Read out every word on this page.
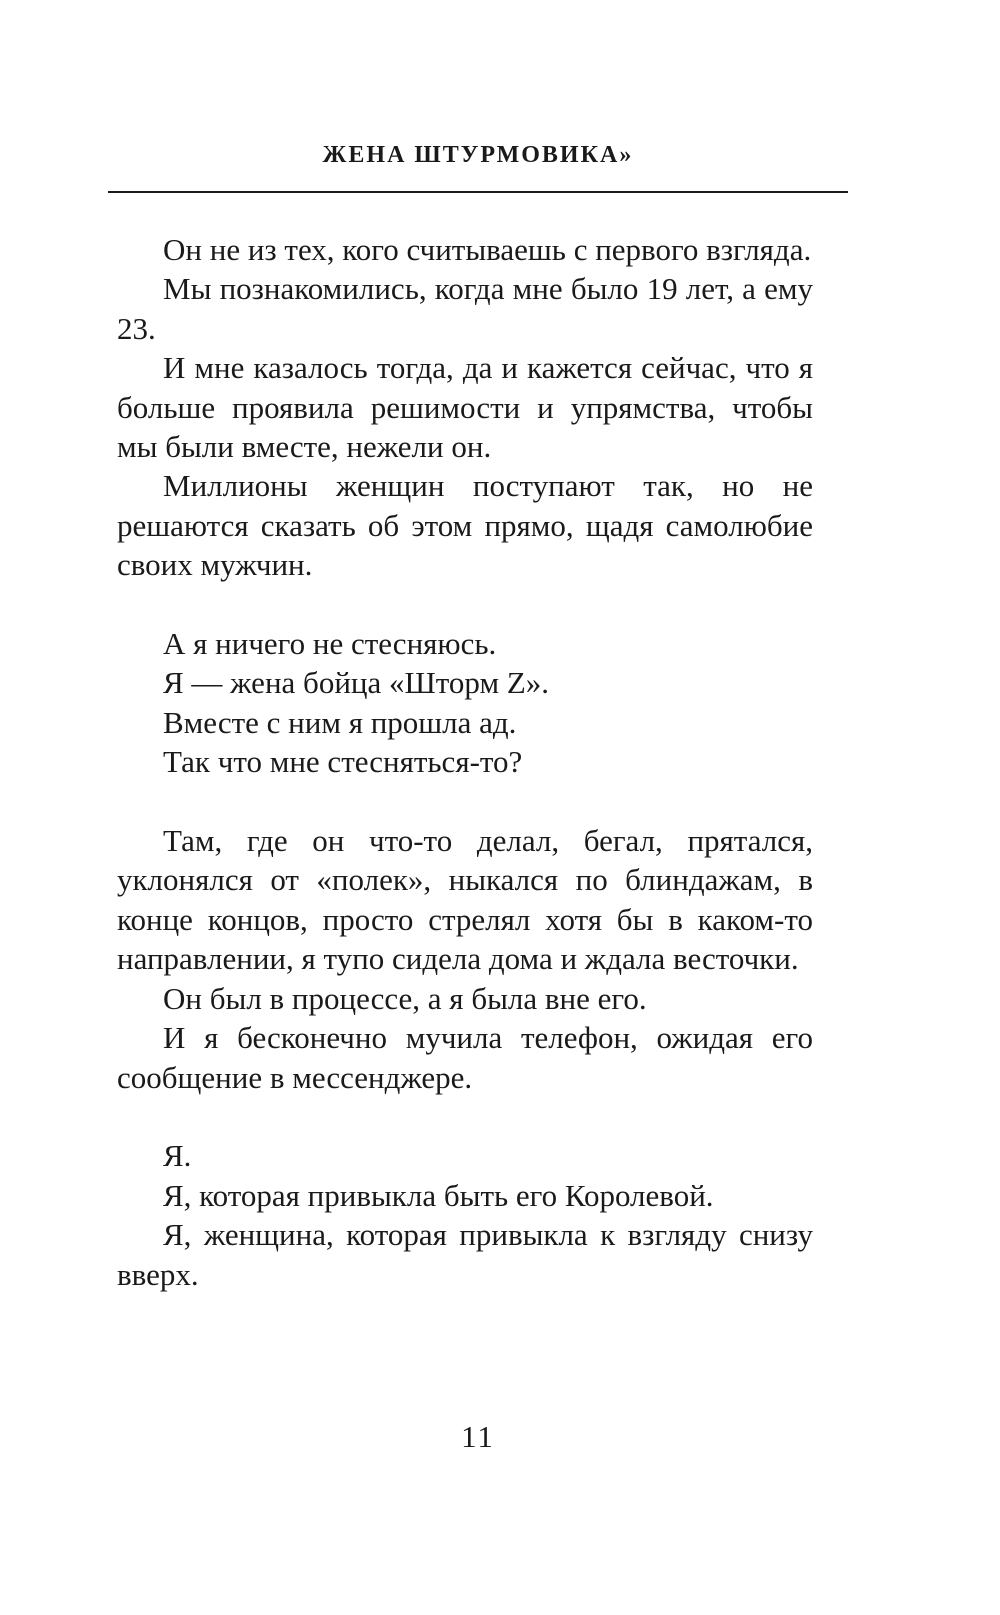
ЖЕНА ШТУРМОВИКА»

Он не из тех, кого считываешь с первого взгляда.

Мы познакомились, когда мне было 19 лет, а ему 23.

И мне казалось тогда, да и кажется сейчас, что я больше проявила решимости и упрямства, чтобы мы были вместе, нежели он.

Миллионы женщин поступают так, но не решаются сказать об этом прямо, щадя самолюбие своих мужчин.

А я ничего не стесняюсь.

Я — жена бойца «Шторм Z».

Вместе с ним я прошла ад.

Так что мне стесняться-то?

Там, где он что-то делал, бегал, прятался, уклонялся от «полек», ныкался по блиндажам, в конце концов, просто стрелял хотя бы в каком-то направлении, я тупо сидела дома и ждала весточки.

Он был в процессе, а я была вне его.

И я бесконечно мучила телефон, ожидая его сообщение в мессенджере.

Я.

Я, которая привыкла быть его Королевой.

Я, женщина, которая привыкла к взгляду снизу вверх.

11
